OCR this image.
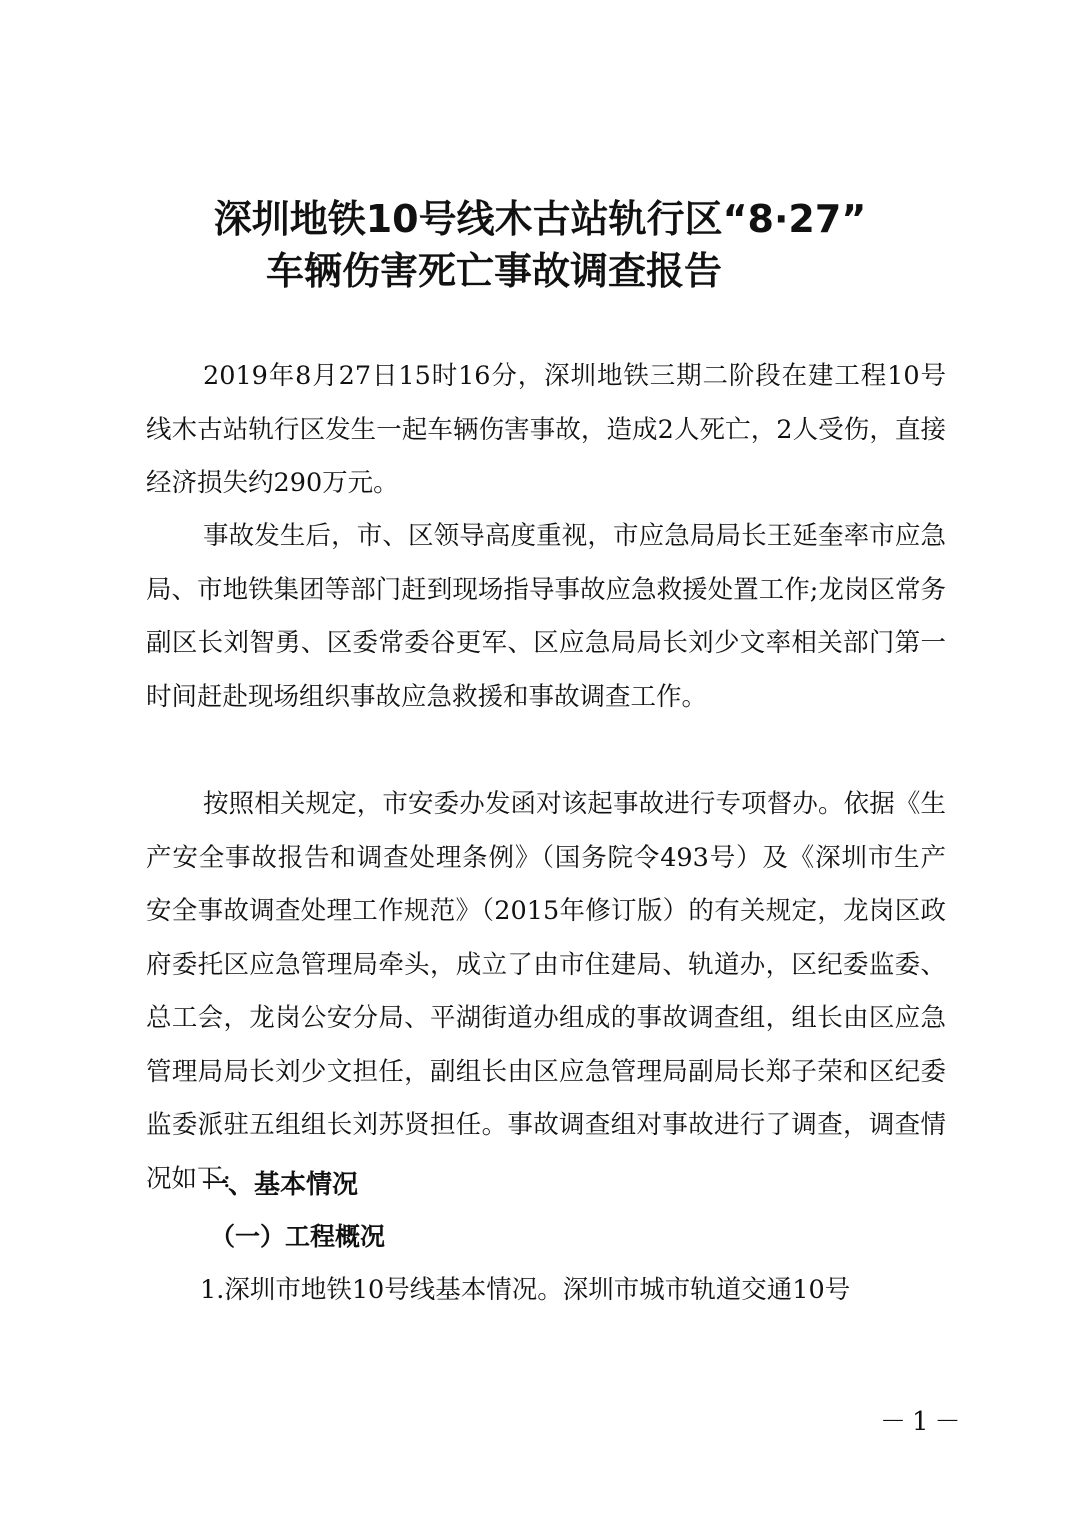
深圳地铁10号线木古站轨行区“8·27”
车辆伤害死亡事故调查报告

2019年8月27日15时16分，深圳地铁三期二阶段在建工程10号线木古站轨行区发生一起车辆伤害事故，造成2人死亡，2人受伤，直接经济损失约290万元。

事故发生后，市、区领导高度重视，市应急局局长王延奎率市应急局、市地铁集团等部门赶到现场指导事故应急救援处置工作;龙岗区常务副区长刘智勇、区委常委谷更军、区应急局局长刘少文率相关部门第一时间赶赴现场组织事故应急救援和事故调查工作。

按照相关规定，市安委办发函对该起事故进行专项督办。依据《生产安全事故报告和调查处理条例》（国务院令493号）及《深圳市生产安全事故调查处理工作规范》（2015年修订版）的有关规定，龙岗区政府委托区应急管理局牵头，成立了由市住建局、轨道办，区纪委监委、总工会，龙岗公安分局、平湖街道办组成的事故调查组，组长由区应急管理局局长刘少文担任，副组长由区应急管理局副局长郑子荣和区纪委监委派驻五组组长刘苏贤担任。事故调查组对事故进行了调查，调查情况如下:

一、基本情况
（一）工程概况
1.深圳市地铁10号线基本情况。深圳市城市轨道交通10号
－1－
